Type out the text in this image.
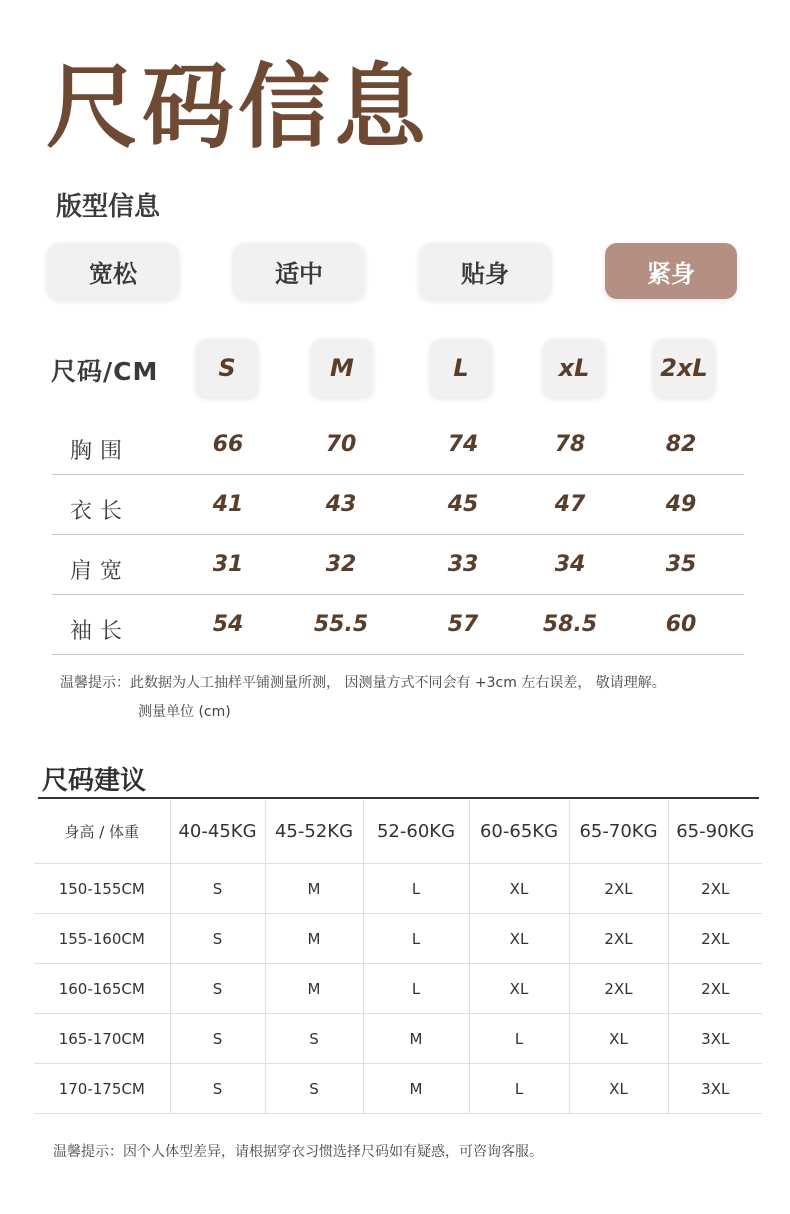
尺码信息
版型信息
宽松	适中	贴身	紧身
尺码/CM	S	M	L	xL	2xL
胸围	66	70	74	78	82
衣长	41	43	45	47	49
肩宽	31	32	33	34	35
袖长	54	55.5	57	58.5	60
温馨提示：此数据为人工抽样平铺测量所测， 因测量方式不同会有 +3cm 左右误差， 敬请理解。
测量单位 (cm)
尺码建议
身高 / 体重	40-45KG	45-52KG	52-60KG	60-65KG	65-70KG	65-90KG
150-155CM	S	M	L	XL	2XL	2XL
155-160CM	S	M	L	XL	2XL	2XL
160-165CM	S	M	L	XL	2XL	2XL
165-170CM	S	S	M	L	XL	3XL
170-175CM	S	S	M	L	XL	3XL
温馨提示：因个人体型差异，请根据穿衣习惯选择尺码如有疑惑，可咨询客服。
